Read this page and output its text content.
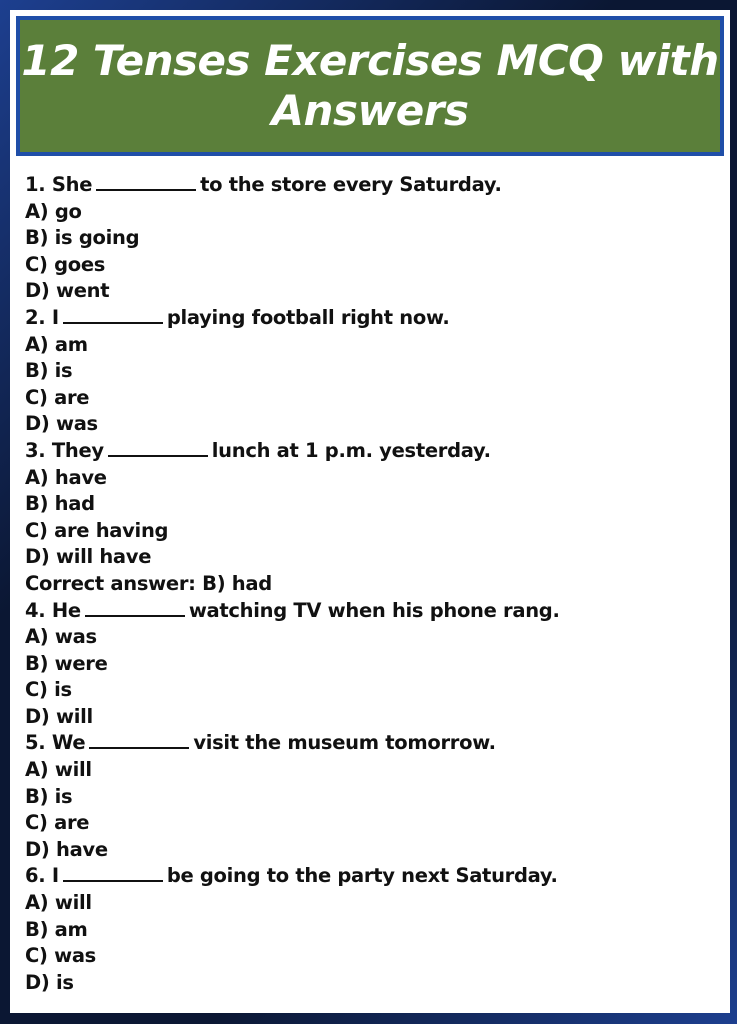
12 Tenses Exercises MCQ with Answers
1. She	to the store every Saturday.
A) go
B) is going
C) goes
D) went
2. I	playing football right now.
A) am
B) is
C) are
D) was
3. They	lunch at 1 p.m. yesterday.
A) have
B) had
C) are having
D) will have
Correct answer: B) had
4. He	watching TV when his phone rang.
A) was
B) were
C) is
D) will
5. We	visit the museum tomorrow.
A) will
B) is
C) are
D) have
6. I	be going to the party next Saturday.
A) will
B) am
C) was
D) is
